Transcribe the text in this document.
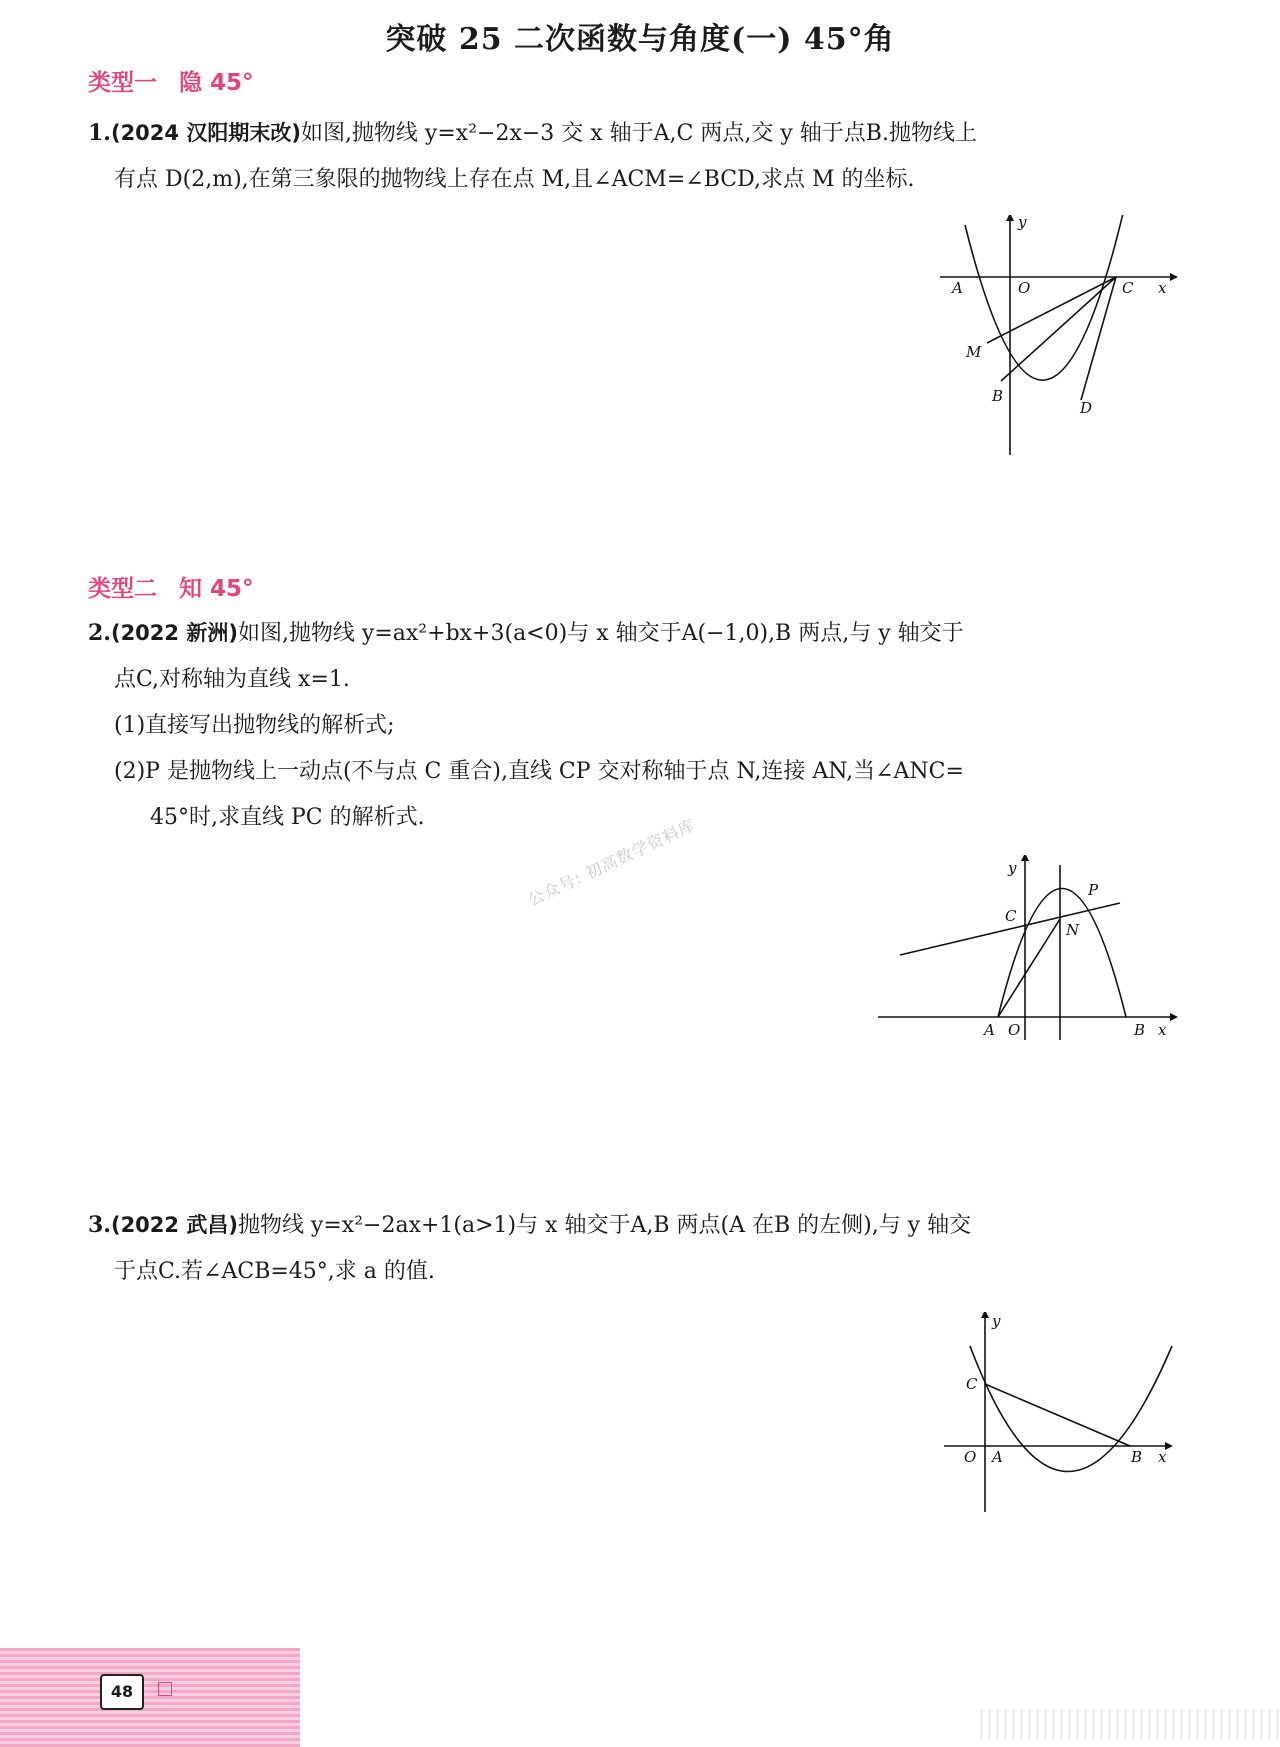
突破 25 二次函数与角度(一) 45°角
类型一 隐 45°

1.(2024 汉阳期末改)如图,抛物线 y=x²−2x−3 交 x 轴于A,C 两点,交 y 轴于点B.抛物线上

有点 D(2,m),在第三象限的抛物线上存在点 M,且∠ACM=∠BCD,求点 M 的坐标.

A	O	C x
y
M
B
D
类型二 知 45°

2.(2022 新洲)如图,抛物线 y=ax²+bx+3(a<0)与 x 轴交于A(−1,0),B 两点,与 y 轴交于

点C,对称轴为直线 x=1.

(1)直接写出抛物线的解析式;

(2)P 是抛物线上一动点(不与点 C 重合),直线 CP 交对称轴于点 N,连接 AN,当∠ANC=

45°时,求直线 PC 的解析式.	公众号: 初高数学资料库	y
C
P
N
A O	B x

3.(2022 武昌)抛物线 y=x²−2ax+1(a>1)与 x 轴交于A,B 两点(A 在B 的左侧),与 y 轴交

于点C.若∠ACB=45°,求 a 的值.

y
C
O A	B x
48
